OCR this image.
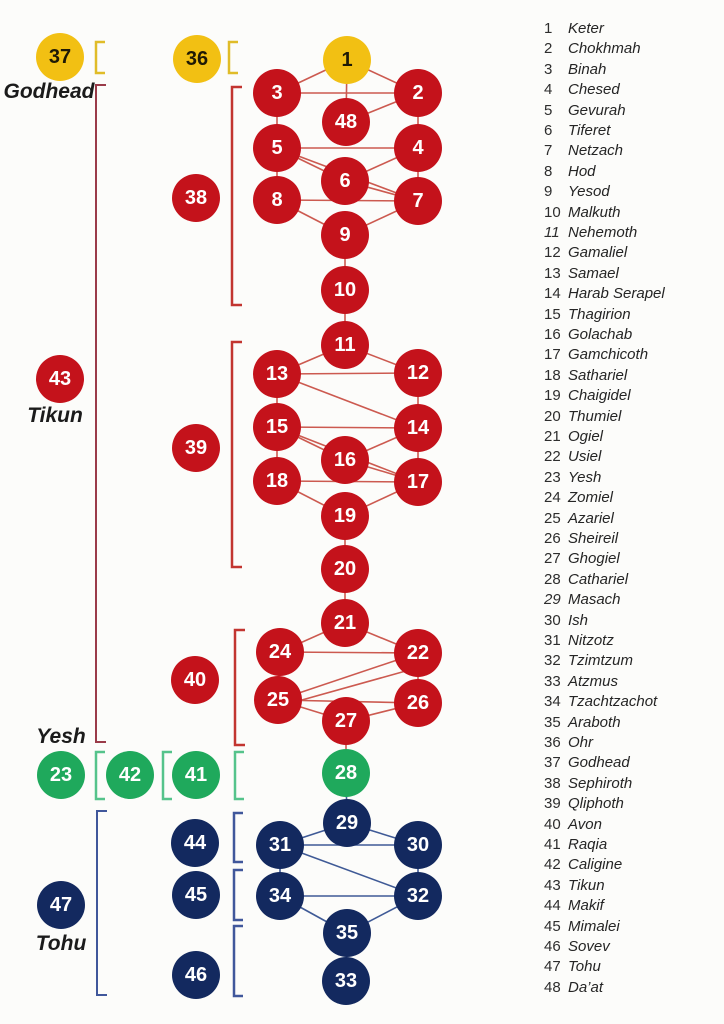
1
3	2
48
5	4
6
8	7
9
10
11
13	12
15	14
16
18	17
19
20
21
24	22
25	26
27
28
29
31	30
34	32
35
33
37	36
38
43
39
40
23	42	41
44
45
46
47
Godhead
Tikun
Yesh
Tohu
1 Keter
2 Chokhmah
3 Binah
4 Chesed
5 Gevurah
6 Tiferet
7 Netzach
8 Hod
9 Yesod
10 Malkuth
11 Nehemoth
12 Gamaliel
13 Samael
14 Harab Serapel
15 Thagirion
16 Golachab
17 Gamchicoth
18 Sathariel
19 Chaigidel
20 Thumiel
21 Ogiel
22 Usiel
23 Yesh
24 Zomiel
25 Azariel
26 Sheireil
27 Ghogiel
28 Cathariel
29 Masach
30 Ish
31 Nitzotz
32 Tzimtzum
33 Atzmus
34 Tzachtzachot
35 Araboth
36 Ohr
37 Godhead
38 Sephiroth
39 Qliphoth
40 Avon
41 Raqia
42 Caligine
43 Tikun
44 Makif
45 Mimalei
46 Sovev
47 Tohu
48 Da’at
